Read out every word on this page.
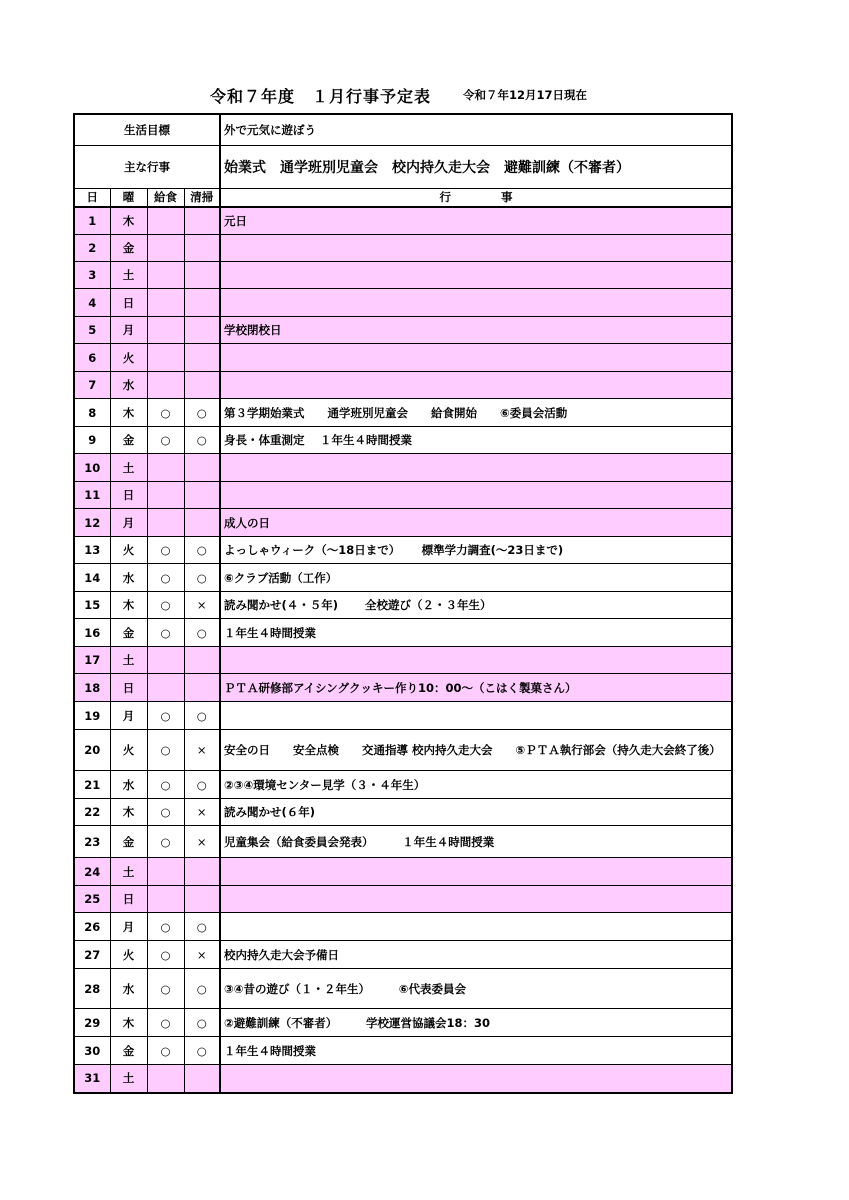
令和７年度　１月行事予定表	令和７年12月17日現在
生活目標				外で元気に遊ぼう
主な行事				始業式　通学班別児童会　校内持久走大会　避難訓練（不審者）
日	曜	給食	清掃	行事
1	木			元日
2	金			
3	土			
4	日			
5	月			学校閉校日
6	火			
7	水			
8	木	○	○	第３学期始業式　　通学班別児童会　　給食開始　　⑥委員会活動
9	金	○	○	身長・体重測定　 １年生４時間授業
10	土			
11	日			
12	月			成人の日
13	火	○	○	よっしゃウィーク（～18日まで）　　 標準学力調査(～23日まで)
14	水	○	○	⑥クラブ活動（工作）
15	木	○	×	読み聞かせ(４・５年)　　 全校遊び（２・３年生）
16	金	○	○	１年生４時間授業
17	土			
18	日			ＰＴＡ研修部アイシングクッキー作り10：00～（こはく製菓さん）
19	月	○	○	
20	火	○	×	安全の日　　安全点検　　交通指導 校内持久走大会　　⑤ＰＴＡ執行部会（持久走大会終了後）
21	水	○	○	②③④環境センター見学（３・４年生）
22	木	○	×	読み聞かせ(６年)
23	金	○	×	児童集会（給食委員会発表）　　　１年生４時間授業
24	土			
25	日			
26	月	○	○	
27	火	○	×	校内持久走大会予備日
28	水	○	○	③④昔の遊び（１・２年生）　　　⑥代表委員会
29	木	○	○	②避難訓練（不審者）　　　学校運営協議会18：30
30	金	○	○	１年生４時間授業
31	土			
